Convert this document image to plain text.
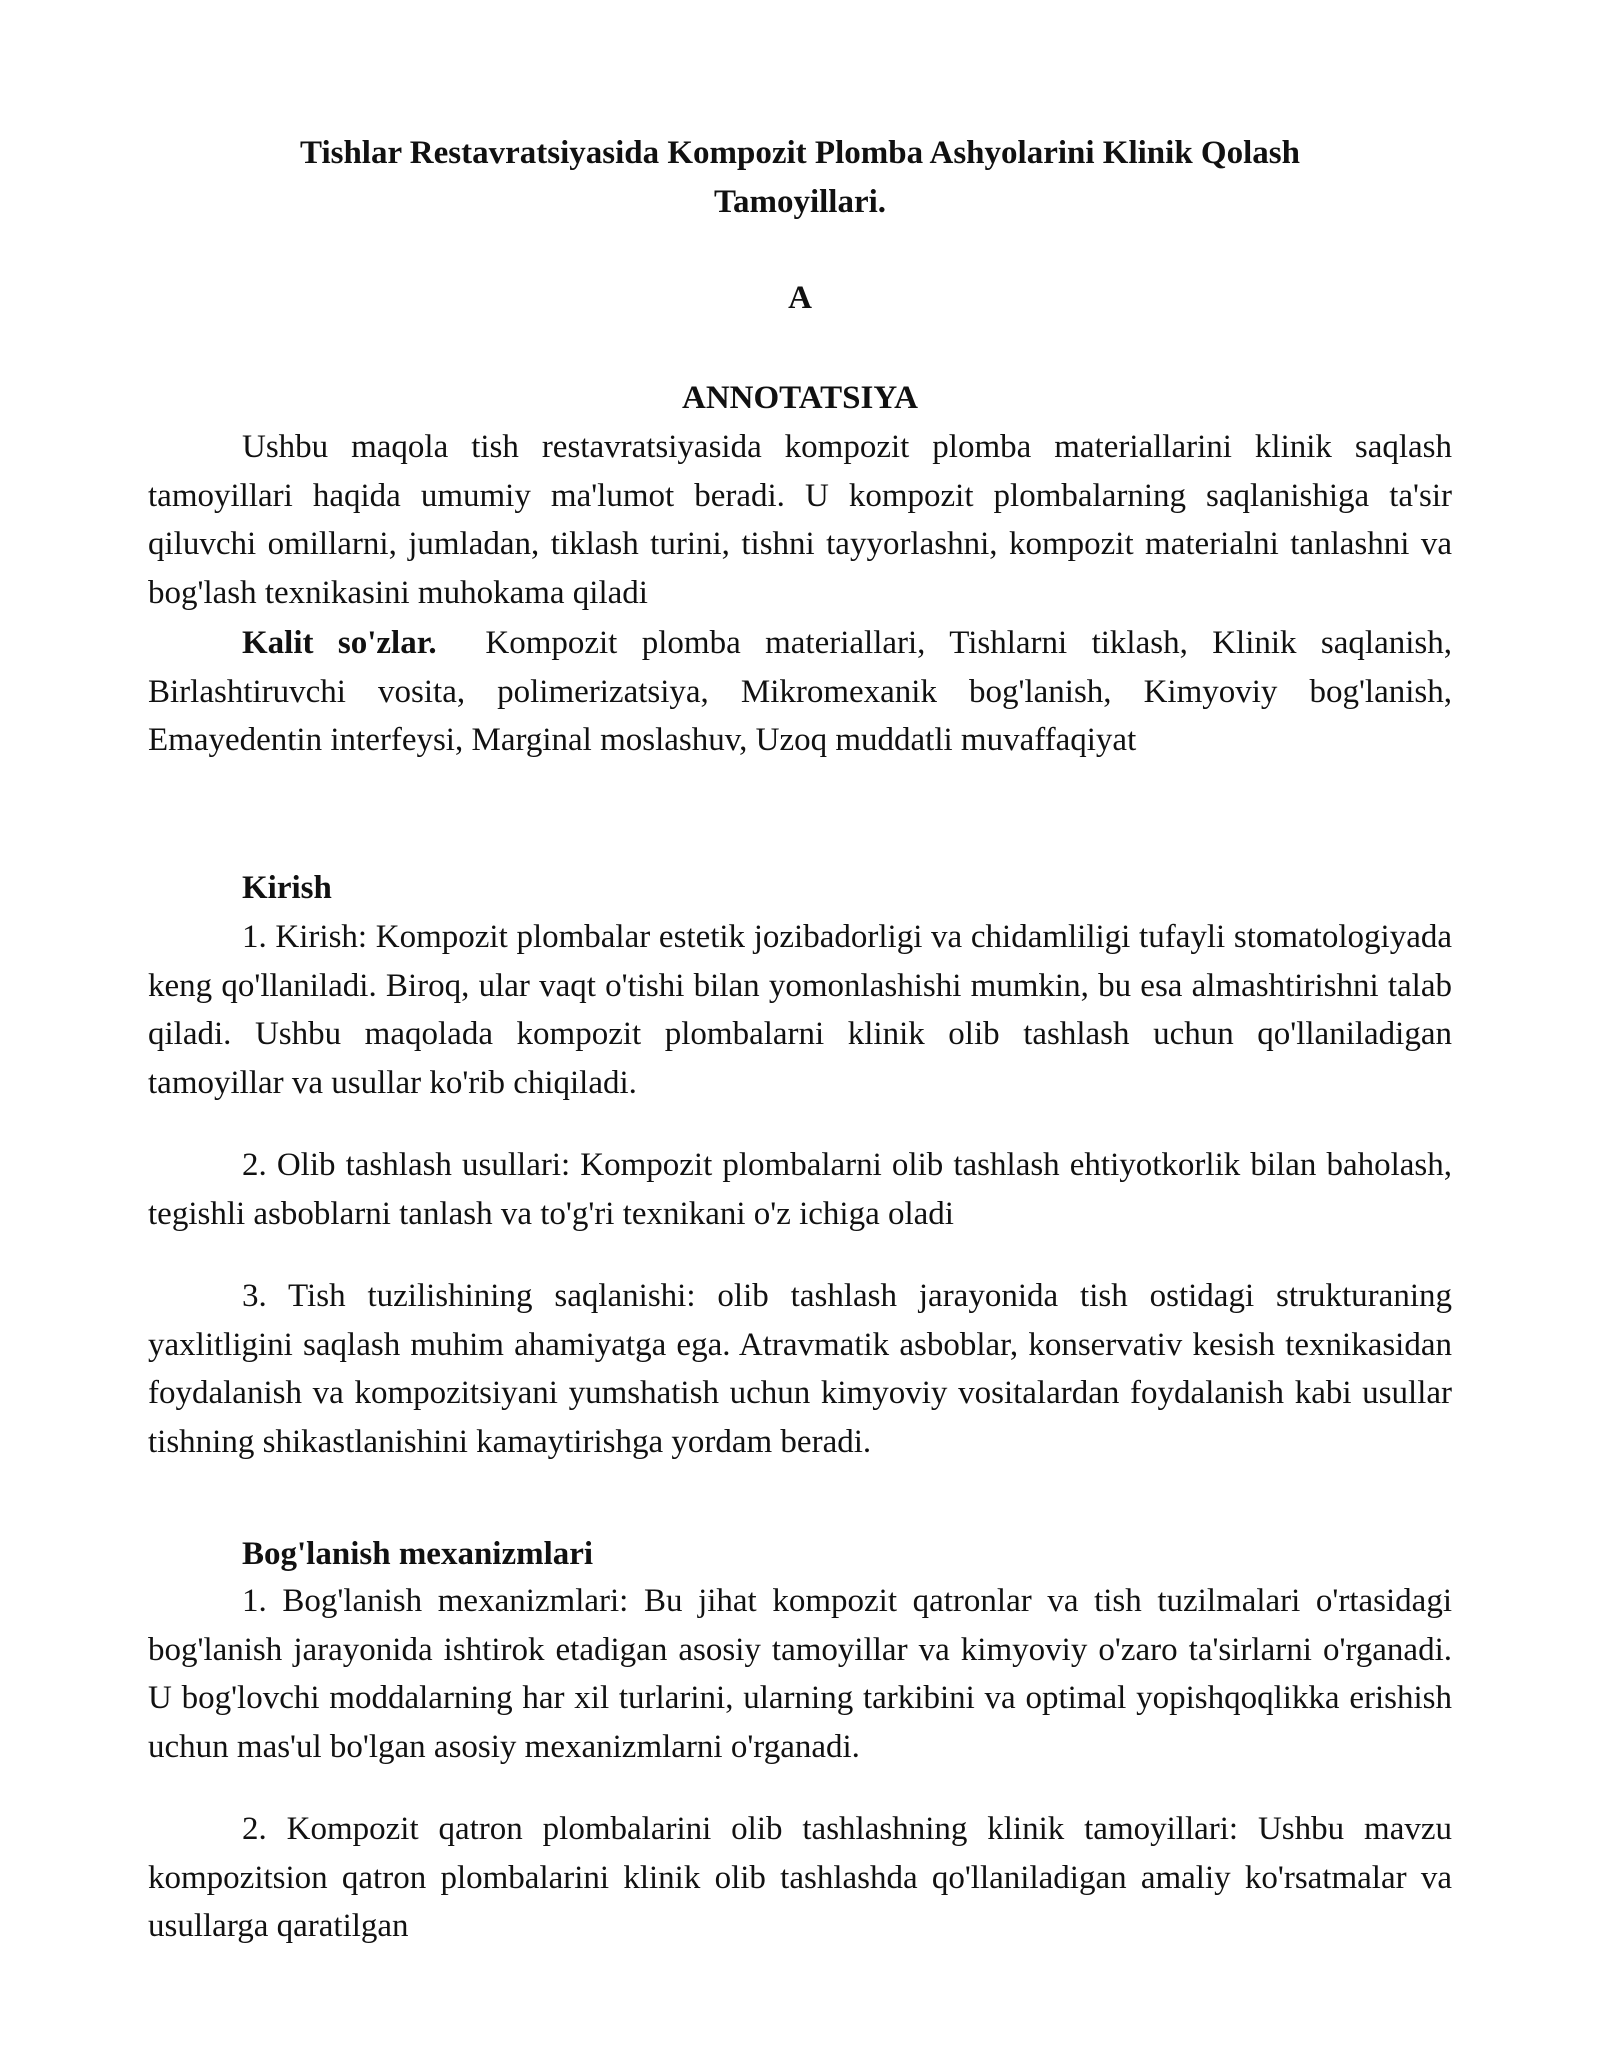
Tishlar Restavratsiyasida Kompozit Plomba Ashyolarini Klinik Qolash
Tamoyillari.
A
ANNOTATSIYA
Ushbu maqola tish restavratsiyasida kompozit plomba materiallarini klinik saqlash tamoyillari haqida umumiy ma'lumot beradi. U kompozit plombalarning saqlanishiga ta'sir qiluvchi omillarni, jumladan, tiklash turini, tishni tayyorlashni, kompozit materialni tanlashni va bog'lash texnikasini muhokama qiladi
Kalit so'zlar. Kompozit plomba materiallari, Tishlarni tiklash, Klinik saqlanish, Birlashtiruvchi vosita, polimerizatsiya, Mikromexanik bog'lanish, Kimyoviy bog'lanish, Emayedentin interfeysi, Marginal moslashuv, Uzoq muddatli muvaffaqiyat
Kirish
1. Kirish: Kompozit plombalar estetik jozibadorligi va chidamliligi tufayli stomatologiyada keng qo'llaniladi. Biroq, ular vaqt o'tishi bilan yomonlashishi mumkin, bu esa almashtirishni talab qiladi. Ushbu maqolada kompozit plombalarni klinik olib tashlash uchun qo'llaniladigan tamoyillar va usullar ko'rib chiqiladi.
2. Olib tashlash usullari: Kompozit plombalarni olib tashlash ehtiyotkorlik bilan baholash, tegishli asboblarni tanlash va to'g'ri texnikani o'z ichiga oladi
3. Tish tuzilishining saqlanishi: olib tashlash jarayonida tish ostidagi strukturaning yaxlitligini saqlash muhim ahamiyatga ega. Atravmatik asboblar, konservativ kesish texnikasidan foydalanish va kompozitsiyani yumshatish uchun kimyoviy vositalardan foydalanish kabi usullar tishning shikastlanishini kamaytirishga yordam beradi.
Bog'lanish mexanizmlari
1. Bog'lanish mexanizmlari: Bu jihat kompozit qatronlar va tish tuzilmalari o'rtasidagi bog'lanish jarayonida ishtirok etadigan asosiy tamoyillar va kimyoviy o'zaro ta'sirlarni o'rganadi. U bog'lovchi moddalarning har xil turlarini, ularning tarkibini va optimal yopishqoqlikka erishish uchun mas'ul bo'lgan asosiy mexanizmlarni o'rganadi.
2. Kompozit qatron plombalarini olib tashlashning klinik tamoyillari: Ushbu mavzu kompozitsion qatron plombalarini klinik olib tashlashda qo'llaniladigan amaliy ko'rsatmalar va usullarga qaratilgan
